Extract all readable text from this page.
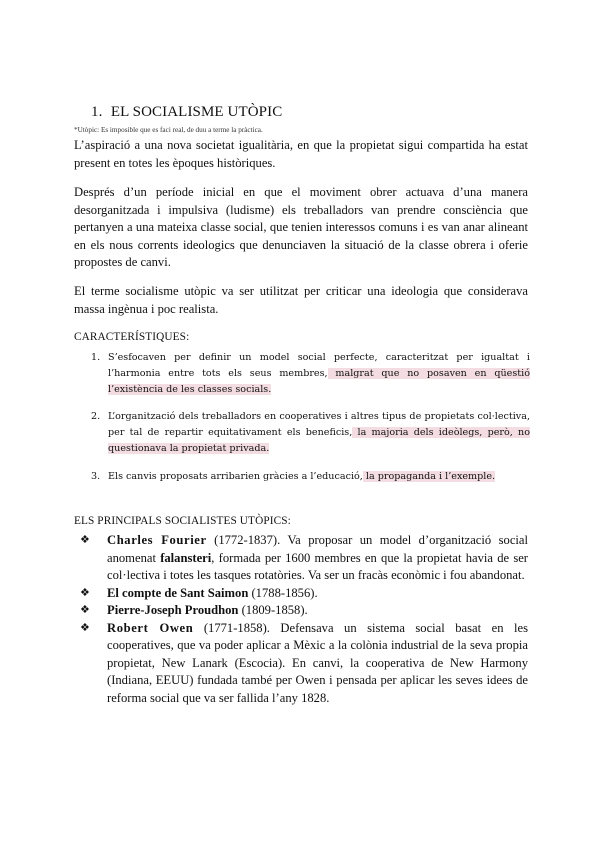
1. EL SOCIALISME UTÒPIC
*Utòpic: Es imposible que es faci real, de duu a terme la pràctica.
L’aspiració a una nova societat igualitària, en que la propietat sigui compartida ha estat present en totes les èpoques històriques.
Després d’un període inicial en que el moviment obrer actuava d’una manera desorganitzada i impulsiva (ludisme) els treballadors van prendre consciència que pertanyen a una mateixa classe social, que tenien interessos comuns i es van anar alineant en els nous corrents ideologics que denunciaven la situació de la classe obrera i oferie propostes de canvi.
El terme socialisme utòpic va ser utilitzat per criticar una ideologia que considerava massa ingènua i poc realista.
CARACTERÍSTIQUES:
1. S’esfocaven per definir un model social perfecte, caracteritzat per igualtat i l’harmonia entre tots els seus membres, malgrat que no posaven en qüestió l’existència de les classes socials.
2. L’organització dels treballadors en cooperatives i altres tipus de propietats col·lectiva, per tal de repartir equitativament els beneficis, la majoria dels ideòlegs, però, no questionava la propietat privada.
3. Els canvis proposats arribarien gràcies a l’educació, la propaganda i l’exemple.
ELS PRINCIPALS SOCIALISTES UTÒPICS:
❖ Charles Fourier (1772-1837). Va proposar un model d’organització social anomenat falansteri, formada per 1600 membres en que la propietat havia de ser col·lectiva i totes les tasques rotatòries. Va ser un fracàs econòmic i fou abandonat.
❖ El compte de Sant Saimon (1788-1856).
❖ Pierre-Joseph Proudhon (1809-1858).
❖ Robert Owen (1771-1858). Defensava un sistema social basat en les cooperatives, que va poder aplicar a Mèxic a la colònia industrial de la seva propia propietat, New Lanark (Escocia). En canvi, la cooperativa de New Harmony (Indiana, EEUU) fundada també per Owen i pensada per aplicar les seves idees de reforma social que va ser fallida l’any 1828.
